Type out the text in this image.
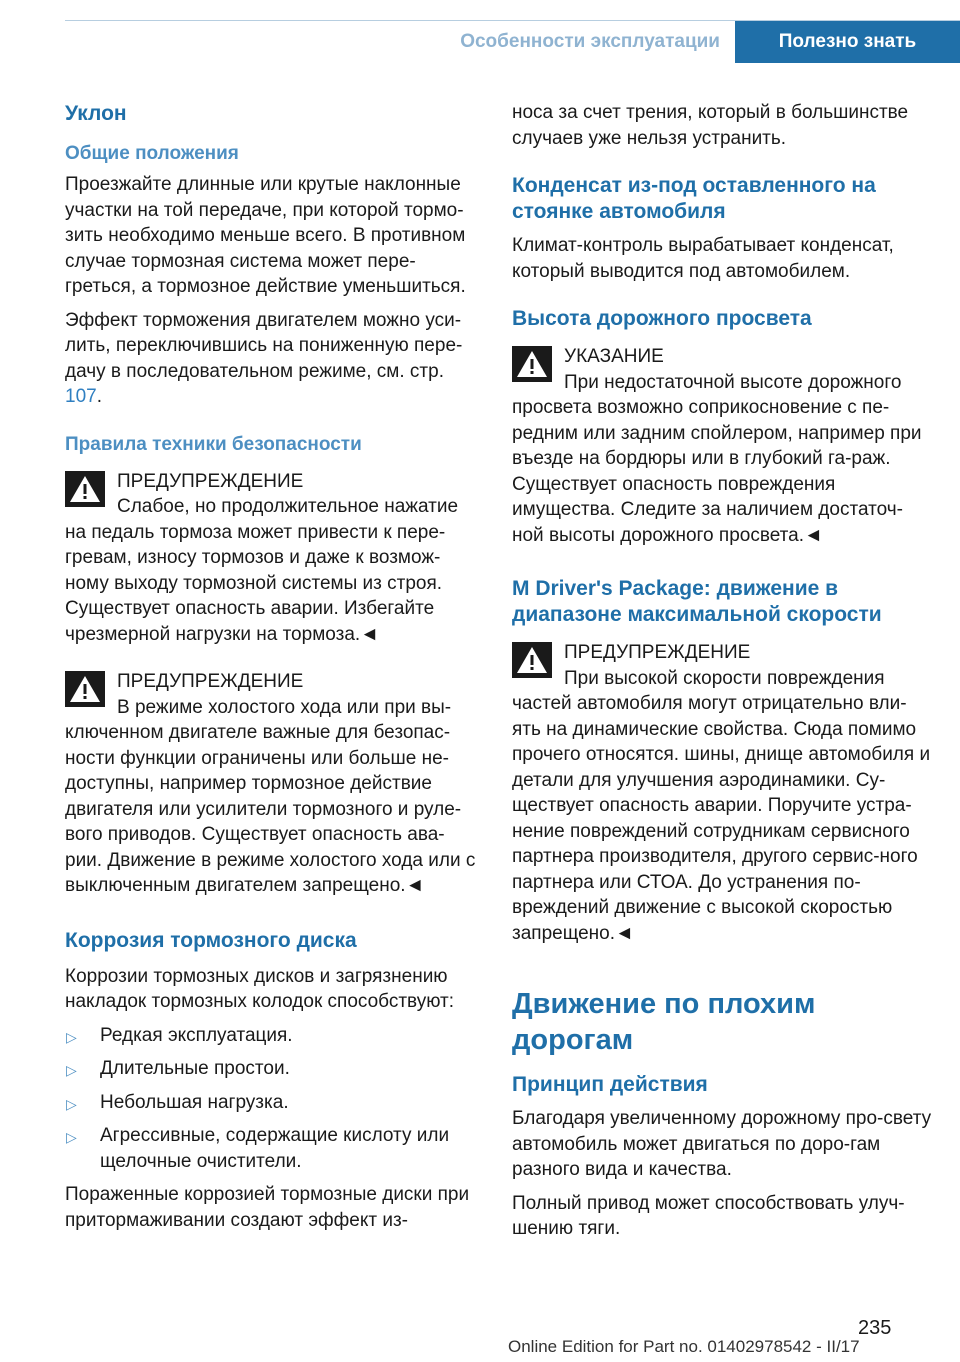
Особенности эксплуатации	Полезно знать
Уклон
Общие положения

Проезжайте длинные или крутые наклонные участки на той передаче, при которой тормо-зить необходимо меньше всего. В противном случае тормозная система может пере-греться, а тормозное действие уменьшиться.

Эффект торможения двигателем можно уси-лить, переключившись на пониженную пере-дачу в последовательном режиме, см. стр. 107.

Правила техники безопасности
ПРЕДУПРЕЖДЕНИЕ
Слабое, но продолжительное нажатие на педаль тормоза может привести к пере-гревам, износу тормозов и даже к возмож-ному выходу тормозной системы из строя. Существует опасность аварии. Избегайте чрезмерной нагрузки на тормоза.◄
ПРЕДУПРЕЖДЕНИЕ
В режиме холостого хода или при вы-ключенном двигателе важные для безопас-ности функции ограничены или больше не-доступны, например тормозное действие двигателя или усилители тормозного и руле-вого приводов. Существует опасность ава-рии. Движение в режиме холостого хода или с выключенным двигателем запрещено.◄
Коррозия тормозного диска

Коррозии тормозных дисков и загрязнению накладок тормозных колодок способствуют:

▷ Редкая эксплуатация.
▷ Длительные простои.
▷ Небольшая нагрузка.
▷ Агрессивные, содержащие кислоту или щелочные очистители.

Пораженные коррозией тормозные диски при притормаживании создают эффект из-

носа за счет трения, который в большинстве случаев уже нельзя устранить.

Конденсат из-под оставленного на стоянке автомобиля

Климат-контроль вырабатывает конденсат, который выводится под автомобилем.

Высота дорожного просвета
УКАЗАНИЕ
При недостаточной высоте дорожного просвета возможно соприкосновение с пе-редним или задним спойлером, например при въезде на бордюры или в глубокий га-раж. Существует опасность повреждения имущества. Следите за наличием достаточ-ной высоты дорожного просвета.◄
M Driver's Package: движение в диапазоне максимальной скорости
ПРЕДУПРЕЖДЕНИЕ
При высокой скорости повреждения частей автомобиля могут отрицательно вли-ять на динамические свойства. Сюда помимо прочего относятся. шины, днище автомобиля и детали для улучшения аэродинамики. Су-ществует опасность аварии. Поручите устра-нение повреждений сотрудникам сервисного партнера производителя, другого сервис-ного партнера или СТОА. До устранения по-вреждений движение с высокой скоростью запрещено.◄
Движение по плохим дорогам
Принцип действия

Благодаря увеличенному дорожному про-свету автомобиль может двигаться по доро-гам разного вида и качества.

Полный привод может способствовать улуч-шению тяги.

235
Online Edition for Part no. 01402978542 - II/17
